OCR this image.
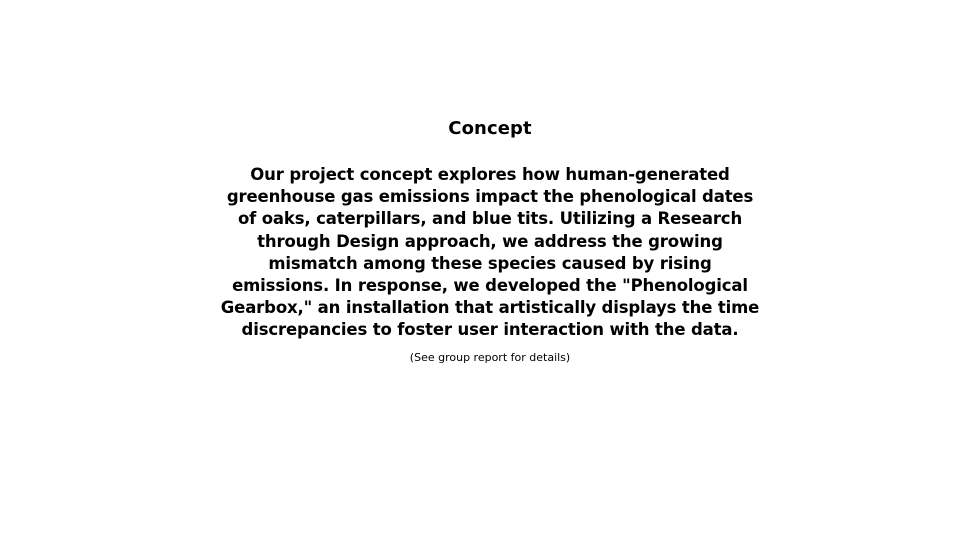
Concept

Our project concept explores how human-generated greenhouse gas emissions impact the phenological dates of oaks, caterpillars, and blue tits. Utilizing a Research through Design approach, we address the growing mismatch among these species caused by rising emissions. In response, we developed the "Phenological Gearbox," an installation that artistically displays the time discrepancies to foster user interaction with the data.

(See group report for details)
